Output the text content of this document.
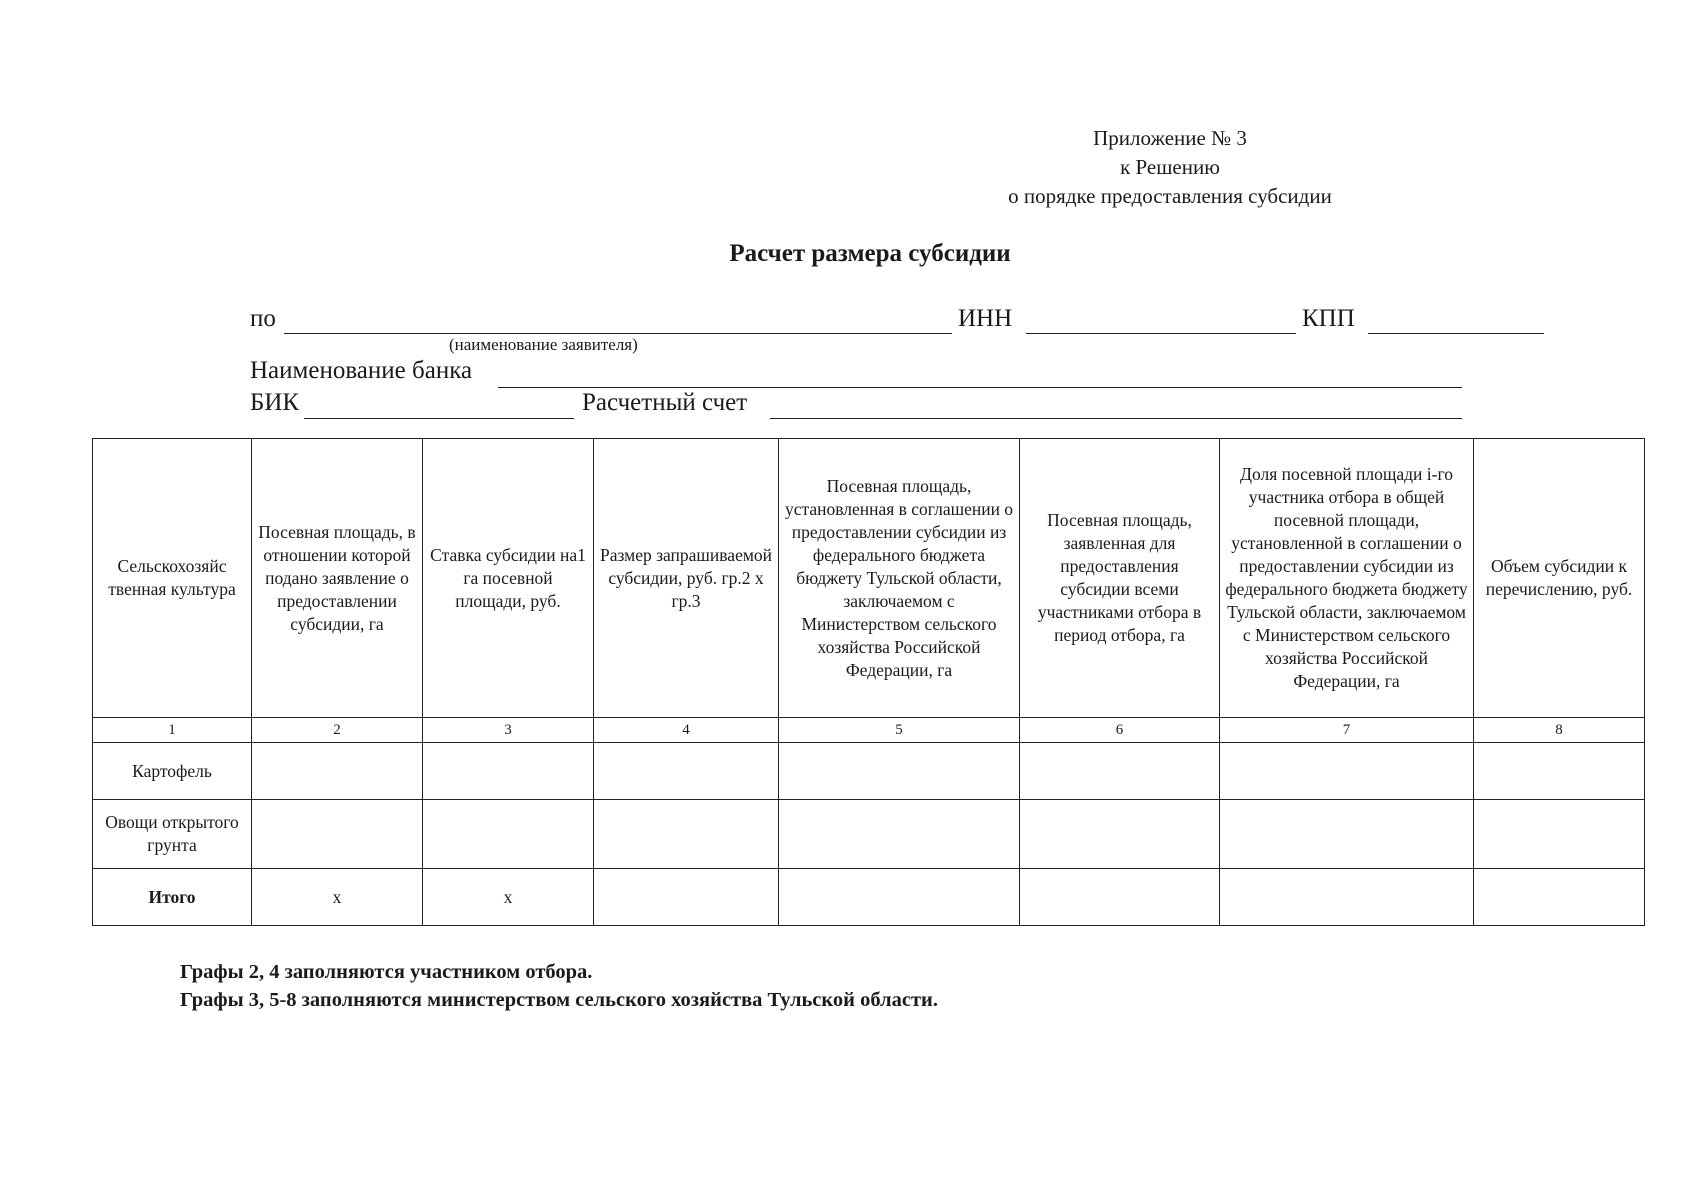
Приложение № 3
к Решению
о порядке предоставления субсидии
Расчет размера субсидии
по	ИНН	КПП
(наименование заявителя)
Наименование банка
БИК	Расчетный счет
Сельскохозяйс твенная культура	Посевная площадь, в отношении которой подано заявление о предоставлении субсидии, га	Ставка субсидии на1 га посевной площади, руб.	Размер запрашиваемой субсидии, руб. гр.2 х гр.3	Посевная площадь, установленная в соглашении о предоставлении субсидии из федерального бюджета бюджету Тульской области, заключаемом с Министерством сельского хозяйства Российской Федерации, га	Посевная площадь, заявленная для предоставления субсидии всеми участниками отбора в период отбора, га	Доля посевной площади i-го участника отбора в общей посевной площади, установленной в соглашении о предоставлении субсидии из федерального бюджета бюджету Тульской области, заключаемом с Министерством сельского хозяйства Российской Федерации, га	Объем субсидии к перечислению, руб.
1	2	3	4	5	6	7	8
Картофель							
Овощи открытого грунта							
Итого	х	х					
Графы 2, 4 заполняются участником отбора.
Графы 3, 5-8 заполняются министерством сельского хозяйства Тульской области.
